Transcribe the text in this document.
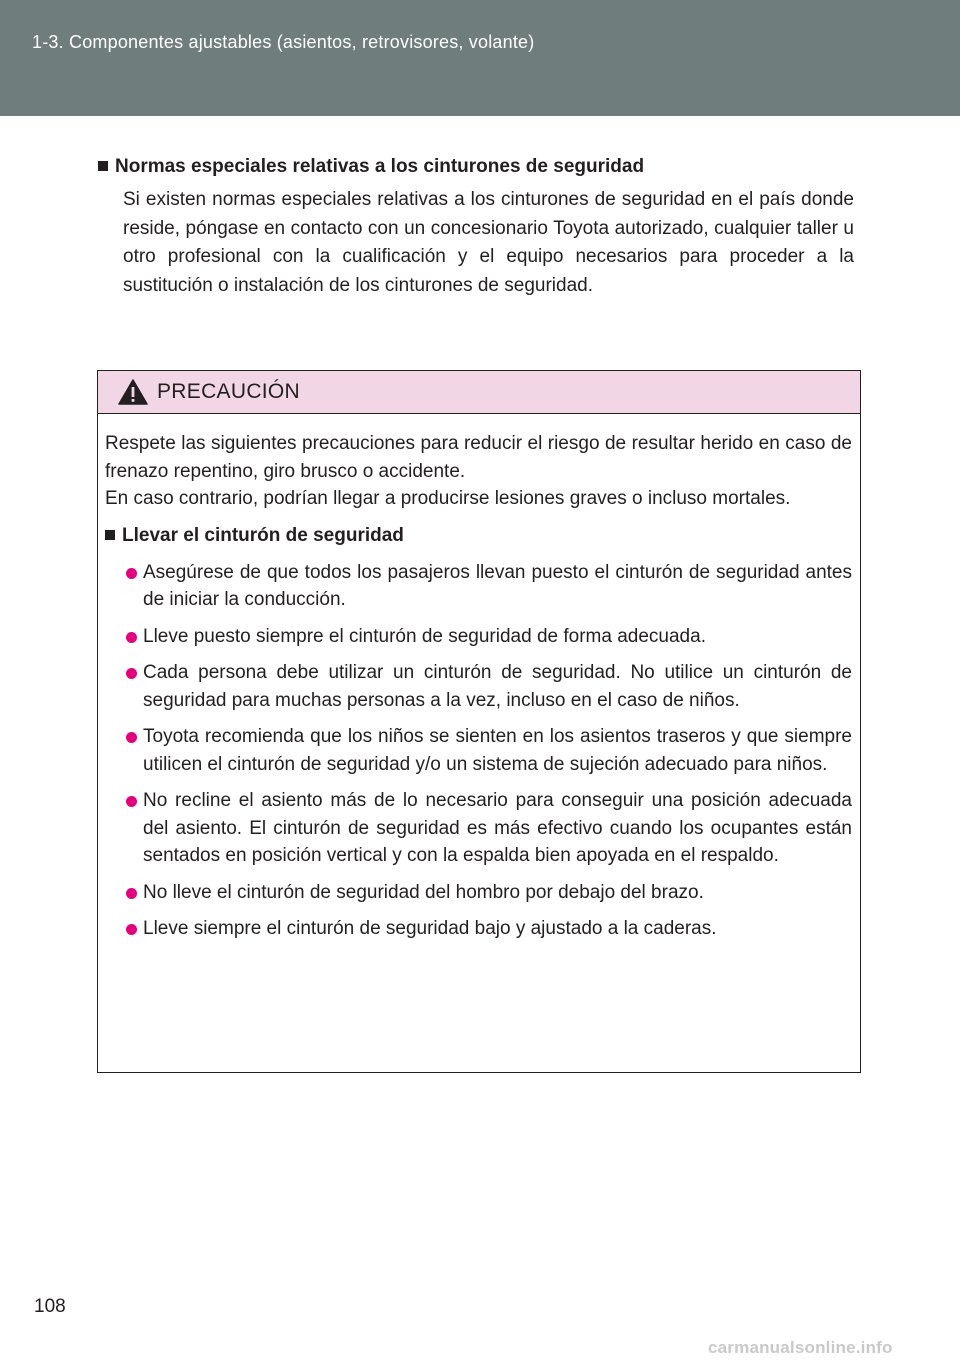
1-3. Componentes ajustables (asientos, retrovisores, volante)
Normas especiales relativas a los cinturones de seguridad

Si existen normas especiales relativas a los cinturones de seguridad en el país donde reside, póngase en contacto con un concesionario Toyota autorizado, cualquier taller u otro profesional con la cualificación y el equipo necesarios para proceder a la sustitución o instalación de los cinturones de seguridad.

PRECAUCIÓN

Respete las siguientes precauciones para reducir el riesgo de resultar herido en caso de frenazo repentino, giro brusco o accidente.

En caso contrario, podrían llegar a producirse lesiones graves o incluso mortales.

Llevar el cinturón de seguridad
Asegúrese de que todos los pasajeros llevan puesto el cinturón de seguridad antes de iniciar la conducción.
Lleve puesto siempre el cinturón de seguridad de forma adecuada.
Cada persona debe utilizar un cinturón de seguridad. No utilice un cinturón de seguridad para muchas personas a la vez, incluso en el caso de niños.
Toyota recomienda que los niños se sienten en los asientos traseros y que siempre utilicen el cinturón de seguridad y/o un sistema de sujeción adecuado para niños.
No recline el asiento más de lo necesario para conseguir una posición adecuada del asiento. El cinturón de seguridad es más efectivo cuando los ocupantes están sentados en posición vertical y con la espalda bien apoyada en el respaldo.
No lleve el cinturón de seguridad del hombro por debajo del brazo.
Lleve siempre el cinturón de seguridad bajo y ajustado a la caderas.
108
carmanualsonline.info
